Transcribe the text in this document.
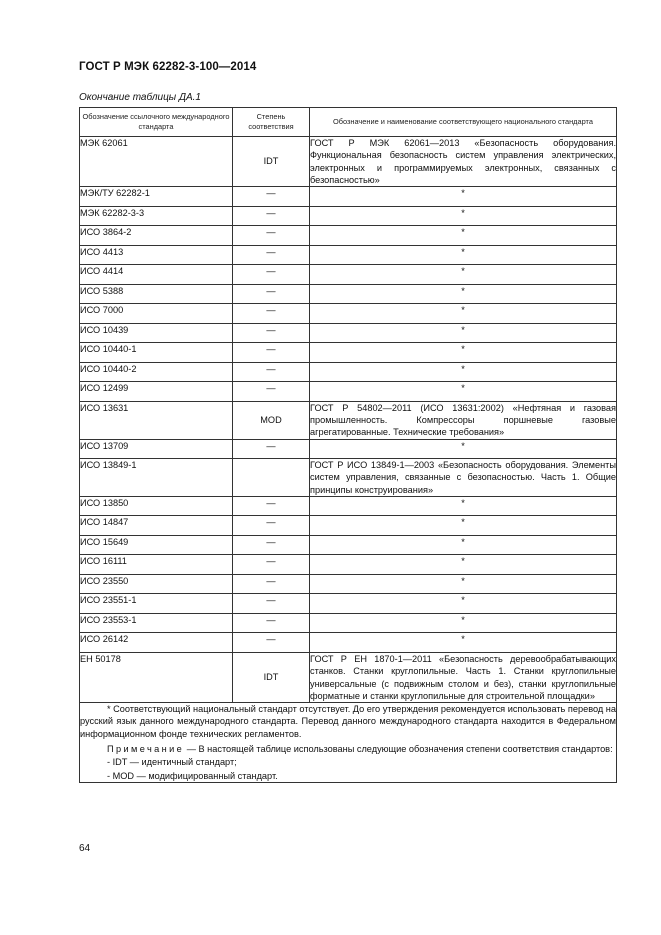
ГОСТ Р МЭК 62282-3-100—2014
Окончание таблицы ДА.1
Обозначение ссылочного международного стандарта	Степень соответствия	Обозначение и наименование соответствующего национального стандарта
МЭК 62061	IDT	ГОСТ Р МЭК 62061—2013 «Безопасность оборудования. Функциональная безопасность систем управления электрических, электронных и программируемых электронных, связанных с безопасностью»
МЭК/ТУ 62282-1	—	*
МЭК 62282-3-3	—	*
ИСО 3864-2	—	*
ИСО 4413	—	*
ИСО 4414	—	*
ИСО 5388	—	*
ИСО 7000	—	*
ИСО 10439	—	*
ИСО 10440-1	—	*
ИСО 10440-2	—	*
ИСО 12499	—	*
ИСО 13631	MOD	ГОСТ Р 54802—2011 (ИСО 13631:2002) «Нефтяная и газовая промышленность. Компрессоры поршневые газовые агрегатированные. Технические требования»
ИСО 13709	—	*
ИСО 13849-1		ГОСТ Р ИСО 13849-1—2003 «Безопасность оборудования. Элементы систем управления, связанные с безопасностью. Часть 1. Общие принципы конструирования»
ИСО 13850	—	*
ИСО 14847	—	*
ИСО 15649	—	*
ИСО 16111	—	*
ИСО 23550	—	*
ИСО 23551-1	—	*
ИСО 23553-1	—	*
ИСО 26142	—	*
ЕН 50178	IDT	ГОСТ Р ЕН 1870-1—2011 «Безопасность деревообрабатывающих станков. Станки круглопильные. Часть 1. Станки круглопильные универсальные (с подвижным столом и без), станки круглопильные форматные и станки круглопильные для строительной площадки»

* Соответствующий национальный стандарт отсутствует. До его утверждения рекомендуется использовать перевод на русский язык данного международного стандарта. Перевод данного международного стандарта находится в Федеральном информационном фонде технических регламентов.

Примечание — В настоящей таблице использованы следующие обозначения степени соответствия стандартов:

- IDT — идентичный стандарт;
- MOD — модифицированный стандарт.		
64
